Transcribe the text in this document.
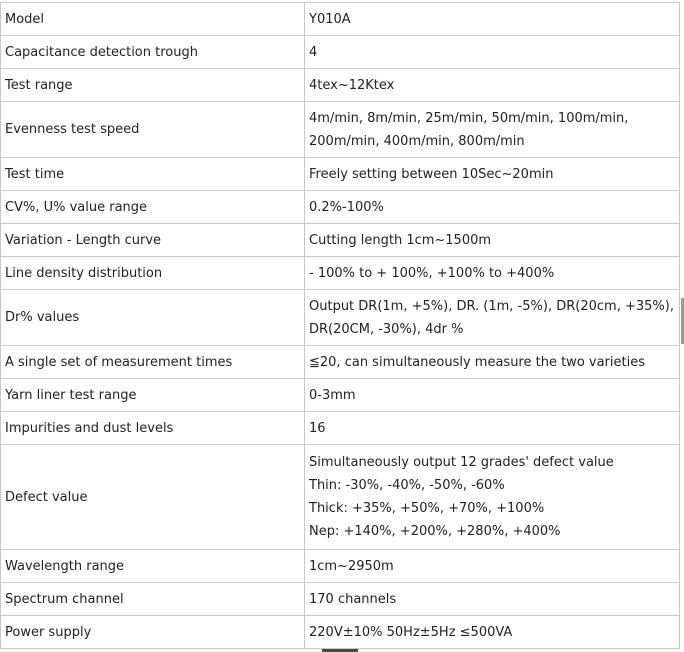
Model	Y010A

Capacitance detection trough	4

Test range	4tex~12Ktex

Evenness test speed	4m/min, 8m/min, 25m/min, 50m/min, 100m/min,
200m/min, 400m/min, 800m/min

Test time	Freely setting between 10Sec~20min

CV%, U% value range	0.2%-100%

Variation - Length curve	Cutting length 1cm~1500m

Line density distribution	- 100% to + 100%, +100% to +400%

Dr% values	Output DR(1m, +5%), DR. (1m, -5%), DR(20cm, +35%),
DR(20CM, -30%), 4dr %

A single set of measurement times	≦20, can simultaneously measure the two varieties

Yarn liner test range	0-3mm

Impurities and dust levels	16

Defect value	Simultaneously output 12 grades' defect value
Thin: -30%, -40%, -50%, -60%
Thick: +35%, +50%, +70%, +100%
Nep: +140%, +200%, +280%, +400%

Wavelength range	1cm~2950m

Spectrum channel	170 channels

Power supply	220V±10% 50Hz±5Hz ≤500VA
